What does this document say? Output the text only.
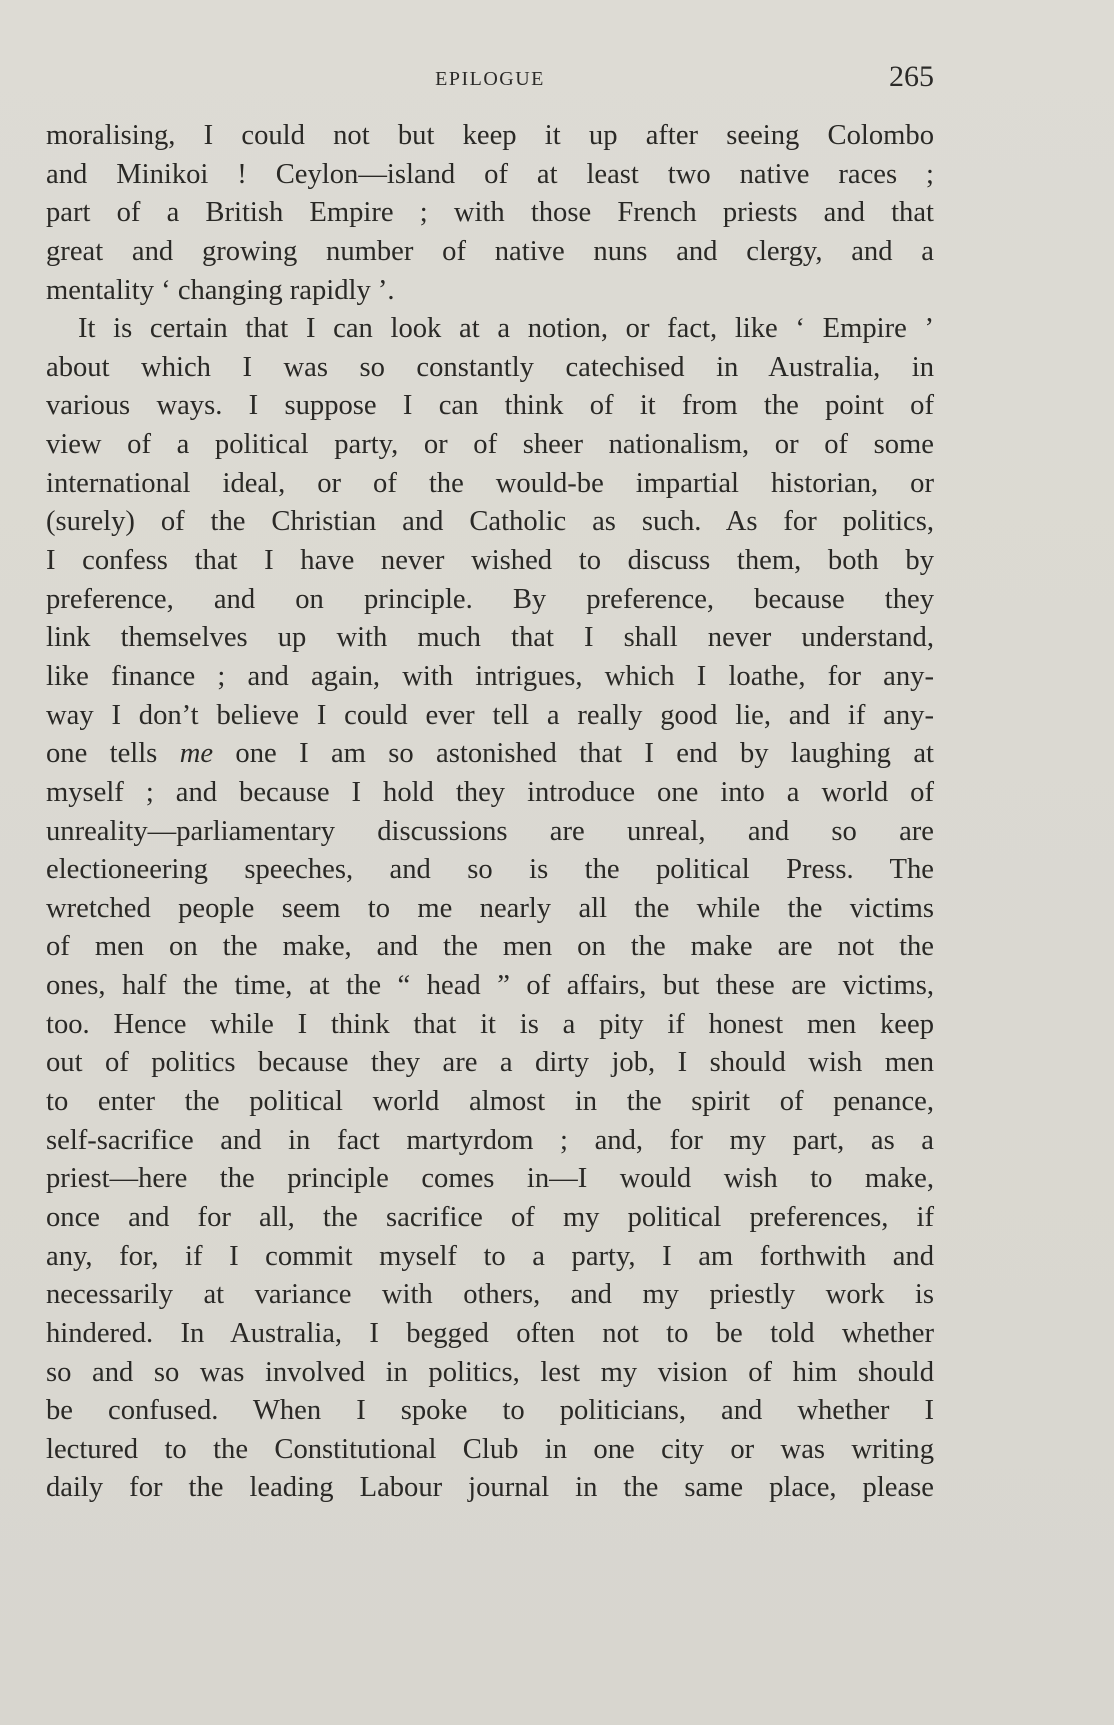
EPILOGUE	265
moralising, I could not but keep it up after seeing Colombo
and Minikoi ! Ceylon—island of at least two native races ;
part of a British Empire ; with those French priests and that
great and growing number of native nuns and clergy, and a
mentality ‘ changing rapidly ’.
It is certain that I can look at a notion, or fact, like ‘ Empire ’
about which I was so constantly catechised in Australia, in
various ways. I suppose I can think of it from the point of
view of a political party, or of sheer nationalism, or of some
international ideal, or of the would-be impartial historian, or
(surely) of the Christian and Catholic as such. As for politics,
I confess that I have never wished to discuss them, both by
preference, and on principle. By preference, because they
link themselves up with much that I shall never understand,
like finance ; and again, with intrigues, which I loathe, for any-
way I don’t believe I could ever tell a really good lie, and if any-
one tells me one I am so astonished that I end by laughing at
myself ; and because I hold they introduce one into a world of
unreality—parliamentary discussions are unreal, and so are
electioneering speeches, and so is the political Press. The
wretched people seem to me nearly all the while the victims
of men on the make, and the men on the make are not the
ones, half the time, at the “ head ” of affairs, but these are victims,
too. Hence while I think that it is a pity if honest men keep
out of politics because they are a dirty job, I should wish men
to enter the political world almost in the spirit of penance,
self-sacrifice and in fact martyrdom ; and, for my part, as a
priest—here the principle comes in—I would wish to make,
once and for all, the sacrifice of my political preferences, if
any, for, if I commit myself to a party, I am forthwith and
necessarily at variance with others, and my priestly work is
hindered. In Australia, I begged often not to be told whether
so and so was involved in politics, lest my vision of him should
be confused. When I spoke to politicians, and whether I
lectured to the Constitutional Club in one city or was writing
daily for the leading Labour journal in the same place, please
